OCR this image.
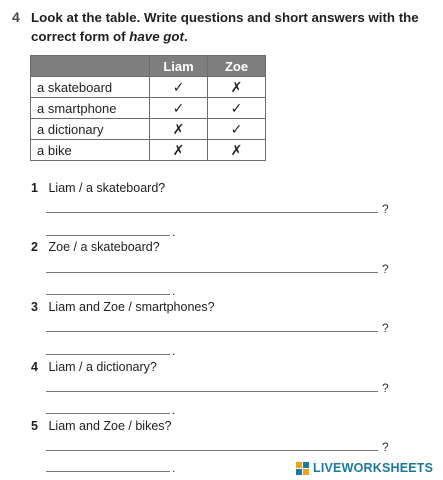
4 Look at the table. Write questions and short answers with the correct form of have got.
	Liam	Zoe
a skateboard	✓	✗
a smartphone	✓	✓
a dictionary	✗	✓
a bike	✗	✗
1 Liam / a skateboard?
?
.
2 Zoe / a skateboard?
?
.
3 Liam and Zoe / smartphones?
?
.
4 Liam / a dictionary?
?
.
5 Liam and Zoe / bikes?
?
.	LIVEWORKSHEETS
